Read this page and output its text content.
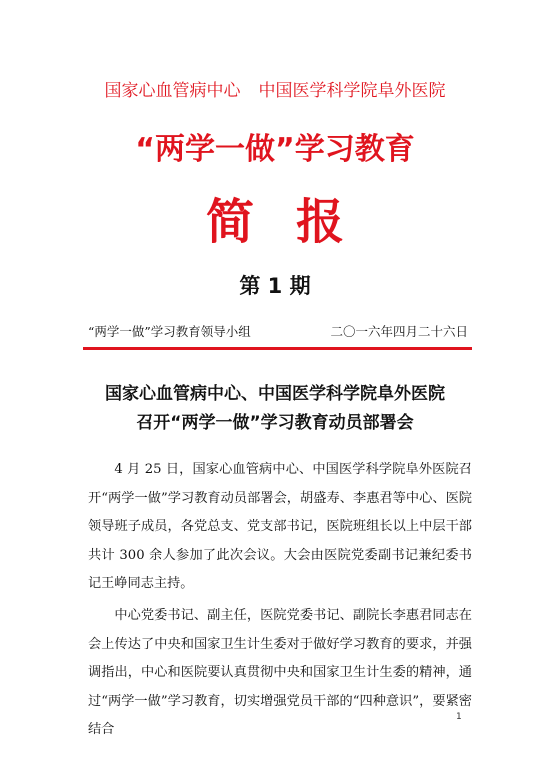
国家心血管病中心 中国医学科学院阜外医院
“两学一做”学习教育
简报
第 1 期
“两学一做”学习教育领导小组	二〇一六年四月二十六日
国家心血管病中心、中国医学科学院阜外医院
召开“两学一做”学习教育动员部署会

4 月 25 日，国家心血管病中心、中国医学科学院阜外医院召开“两学一做”学习教育动员部署会，胡盛寿、李惠君等中心、医院领导班子成员，各党总支、党支部书记，医院班组长以上中层干部共计 300 余人参加了此次会议。大会由医院党委副书记兼纪委书记王峥同志主持。

中心党委书记、副主任，医院党委书记、副院长李惠君同志在会上传达了中央和国家卫生计生委对于做好学习教育的要求，并强调指出，中心和医院要认真贯彻中央和国家卫生计生委的精神，通过“两学一做”学习教育，切实增强党员干部的“四种意识”，要紧密结合

1
